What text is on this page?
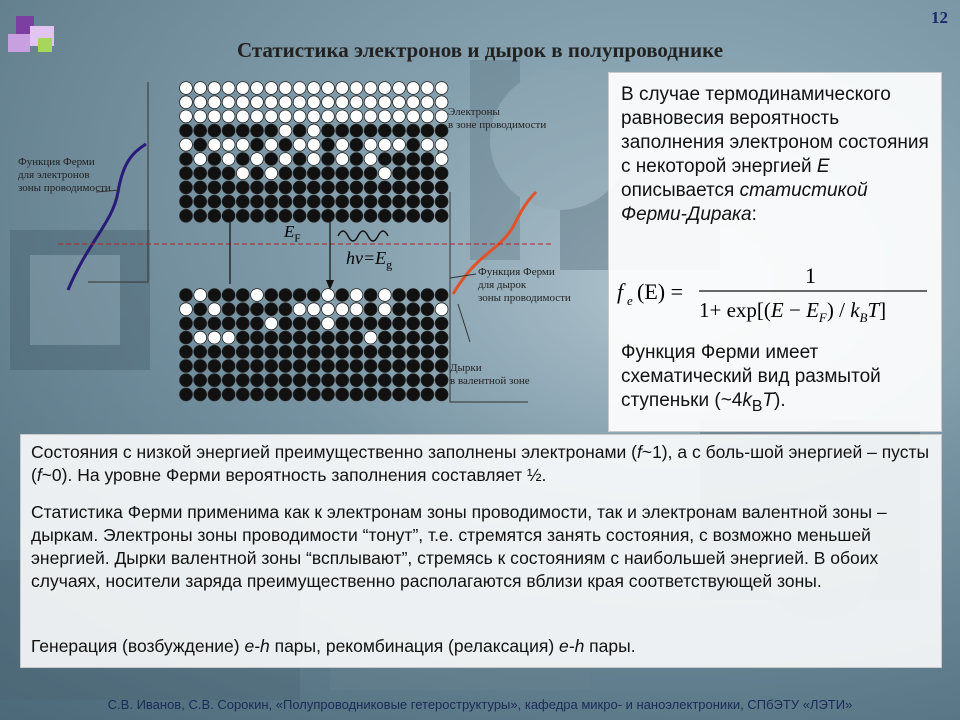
12
Статистика электронов и дырок в полупроводнике
Функция Ферми
для электронов
зоны проводимости
Электроны
в зоне проводимости
Функция Ферми
для дырок
зоны проводимости
Дырки
в валентной зоне
$E_F$
$h\nu=E_g$

В случае термодинамического равновесия вероятность заполнения электроном состояния с некоторой энергией E описывается статистикой Ферми-Дирака:

f e (E) =
1
$1+ \exp[(E - E_F) / k_BT]$

Функция Ферми имеет схематический вид размытой ступеньки $(\sim 4k_BT)$.

Состояния с низкой энергией преимущественно заполнены электронами (f~1), а с боль-шой энергией – пусты (f~0). На уровне Ферми вероятность заполнения составляет ½.

Статистика Ферми применима как к электронам зоны проводимости, так и электронам валентной зоны – дыркам. Электроны зоны проводимости “тонут”, т.е. стремятся занять состояния, с возможно меньшей энергией. Дырки валентной зоны “всплывают”, стремясь к состояниям с наибольшей энергией. В обоих случаях, носители заряда преимущественно располагаются вблизи края соответствующей зоны.

Генерация (возбуждение) e-h пары, рекомбинация (релаксация) e-h пары.

С.В. Иванов, С.В. Сорокин, «Полупроводниковые гетероструктуры», кафедра микро- и наноэлектроники, СПбЭТУ «ЛЭТИ»
